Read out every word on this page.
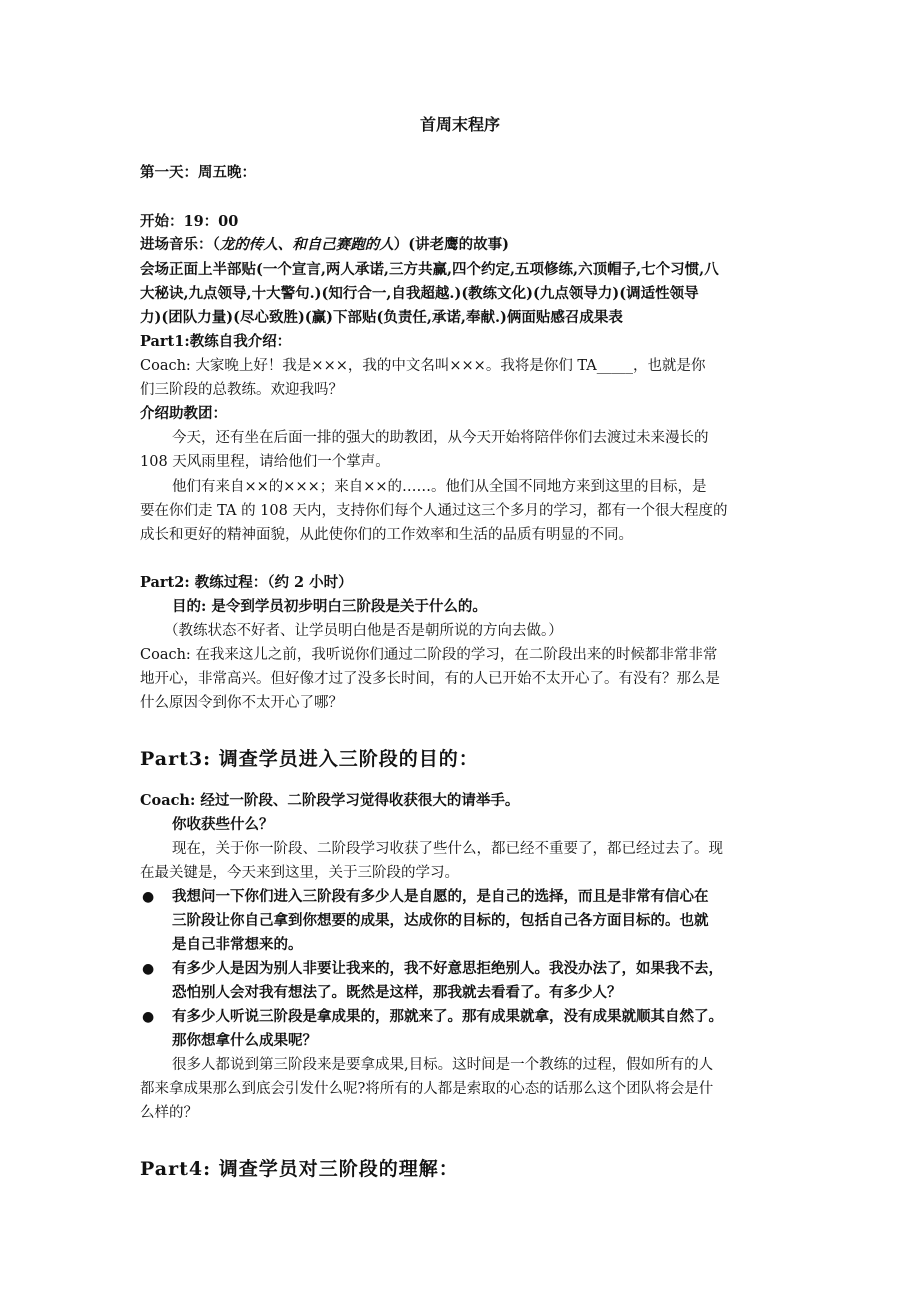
首周末程序
第一天：周五晚：
开始：19：00
进场音乐：（龙的传人、和自己赛跑的人）(讲老鹰的故事)
会场正面上半部贴(一个宣言,两人承诺,三方共赢,四个约定,五项修练,六顶帽子,七个习惯,八
大秘诀,九点领导,十大警句.)(知行合一,自我超越.)(教练文化)(九点领导力)(调适性领导
力)(团队力量)(尽心致胜)(赢)下部贴(负责任,承诺,奉献.)俩面贴感召成果表
Part1:教练自我介绍：
Coach: 大家晚上好！我是×××，我的中文名叫×××。我将是你们 TA_____，也就是你
们三阶段的总教练。欢迎我吗？
介绍助教团：
今天，还有坐在后面一排的强大的助教团，从今天开始将陪伴你们去渡过未来漫长的
108 天风雨里程，请给他们一个掌声。
他们有来自××的×××；来自××的……。他们从全国不同地方来到这里的目标，是
要在你们走 TA 的 108 天内，支持你们每个人通过这三个多月的学习，都有一个很大程度的
成长和更好的精神面貌，从此使你们的工作效率和生活的品质有明显的不同。
Part2: 教练过程：（约 2 小时）
目的: 是令到学员初步明白三阶段是关于什么的。
（教练状态不好者、让学员明白他是否是朝所说的方向去做。）
Coach: 在我来这儿之前，我听说你们通过二阶段的学习，在二阶段出来的时候都非常非常
地开心，非常高兴。但好像才过了没多长时间，有的人已开始不太开心了。有没有？那么是
什么原因令到你不太开心了哪？
Part3: 调查学员进入三阶段的目的：
Coach: 经过一阶段、二阶段学习觉得收获很大的请举手。
你收获些什么？
现在，关于你一阶段、二阶段学习收获了些什么，都已经不重要了，都已经过去了。现
在最关键是，今天来到这里，关于三阶段的学习。
● 我想问一下你们进入三阶段有多少人是自愿的，是自己的选择，而且是非常有信心在
三阶段让你自己拿到你想要的成果，达成你的目标的，包括自己各方面目标的。也就
是自己非常想来的。
● 有多少人是因为别人非要让我来的，我不好意思拒绝别人。我没办法了，如果我不去，
恐怕别人会对我有想法了。既然是这样，那我就去看看了。有多少人？
● 有多少人听说三阶段是拿成果的，那就来了。那有成果就拿，没有成果就顺其自然了。
那你想拿什么成果呢？
很多人都说到第三阶段来是要拿成果,目标。这时间是一个教练的过程，假如所有的人
都来拿成果那么到底会引发什么呢?将所有的人都是索取的心态的话那么这个团队将会是什
么样的？
Part4: 调查学员对三阶段的理解：
